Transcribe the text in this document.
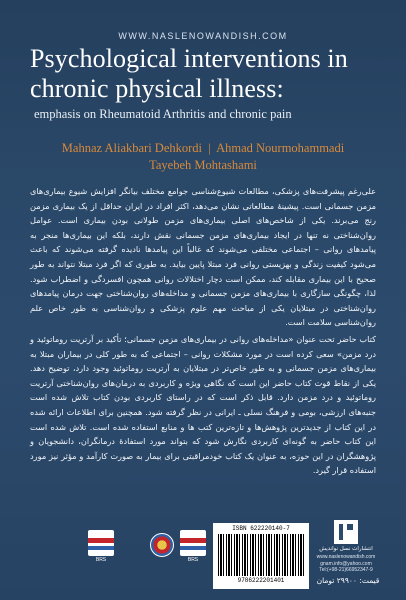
WWW.NASLENOWANDISH.COM
Psychological interventions in
chronic physical illness:
emphasis on Rheumatoid Arthritis and chronic pain
Mahnaz Aliakbari Dehkordi | Ahmad Nourmohammadi
Tayebeh Mohtashami

علی‌رغم پیشرفت‌های پزشکی، مطالعات شیوع‌شناسی جوامع مختلف بیانگر افزایش شیوع بیماری‌های مزمن جسمانی است. پیشینهٔ مطالعاتی نشان می‌دهد، اکثر افراد در ایران حداقل از یک بیماری مزمن رنج می‌برند. یکی از شاخص‌های اصلی بیماری‌های مزمن طولانی بودن بیماری است. عوامل روان‌شناختی نه تنها در ایجاد بیماری‌های مزمن جسمانی نقش دارند، بلکه این بیماری‌ها منجر به پیامدهای روانی – اجتماعی مختلفی می‌شوند که غالباً این پیامدها نادیده گرفته می‌شوند که باعث می‌شود کیفیت زندگی و بهزیستی روانی فرد مبتلا پایین بیاید. به طوری که اگر فرد مبتلا نتواند به طور صحیح با این بیماری مقابله کند، ممکن است دچار اختلالات روانی همچون افسردگی و اضطراب شود. لذا، چگونگی سازگاری با بیماری‌های مزمن جسمانی و مداخله‌های روان‌شناختی جهت درمان پیامدهای روان‌شناختی در مبتلایان یکی از مباحث مهم علوم پزشکی و روان‌شناسی به طور خاص علم روان‌شناسی سلامت است.

کتاب حاضر تحت عنوان «مداخله‌های روانی در بیماری‌های مزمن جسمانی؛ تأکید بر آرتریت روماتوئید و درد مزمن» سعی کرده است در مورد مشکلات روانی – اجتماعی که به طور کلی در بیماران مبتلا به بیماری‌های مزمن جسمانی و به طور خاص‌تر در مبتلایان به آرتریت روماتوئید وجود دارد، توضیح دهد. یکی از نقاط قوت کتاب حاضر این است که نگاهی ویژه و کاربردی به درمان‌های روان‌شناختی آرتریت روماتوئید و درد مزمن دارد. قابل ذکر است که در راستای کاربردی بودن کتاب تلاش شده است جنبه‌های ارزشی، بومی و فرهنگ نسلی ـ ایرانی در نظر گرفته شود. همچنین برای اطلاعات ارائه شده در این کتاب از جدیدترین پژوهش‌ها و تازه‌ترین کتب ها و منابع استفاده شده است. تلاش شده است این کتاب حاضر به گونه‌ای کاربردی نگارش شود که بتواند مورد استفادهٔ درمانگران، دانشجویان و پژوهشگران در این حوزه، به عنوان یک کتاب خودمراقبتی برای بیمار به صورت کارآمد و مؤثر نیز مورد استفاده قرار گیرد.

BRS	BRS
ISBN 622220140-7
9786222201401
انتشارات نسل نواندیش
www.naslenowandish.com
gnam.info@yahoo.com
Tel:(+98-21)66952347-9
قیمت: ۲۹۹۰۰ تومان
